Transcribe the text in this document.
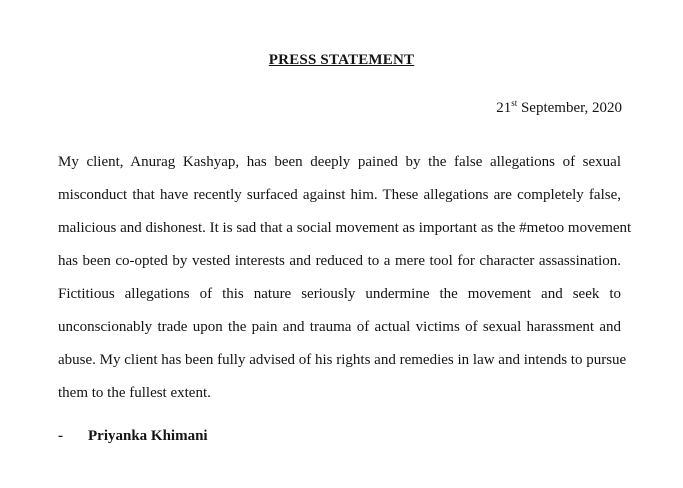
PRESS STATEMENT
21st September, 2020
My client, Anurag Kashyap, has been deeply pained by the false allegations of sexual
misconduct that have recently surfaced against him. These allegations are completely false,
malicious and dishonest. It is sad that a social movement as important as the #metoo movement
has been co-opted by vested interests and reduced to a mere tool for character assassination.
Fictitious allegations of this nature seriously undermine the movement and seek to
unconscionably trade upon the pain and trauma of actual victims of sexual harassment and
abuse. My client has been fully advised of his rights and remedies in law and intends to pursue
them to the fullest extent.
- Priyanka Khimani
